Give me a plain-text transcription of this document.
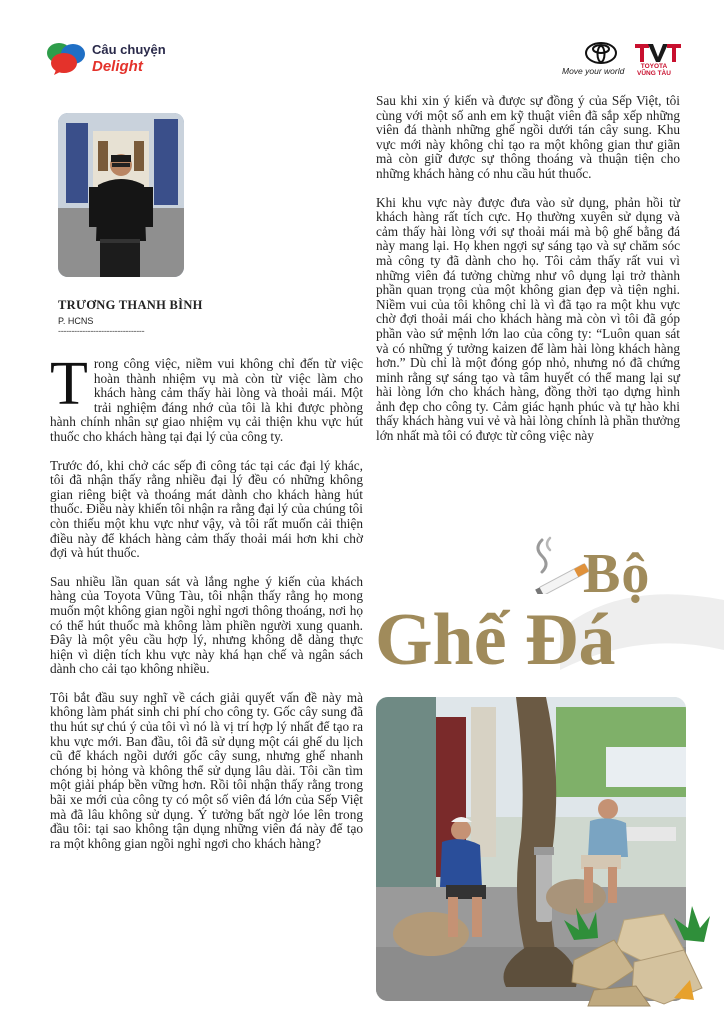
Câu chuyện
Delight	Move your world	TOYOTA
VŨNG TÀU
TRƯƠNG THANH BÌNH
P. HCNS
--------------------------------

Trong công việc, niềm vui không chỉ đến từ việc hoàn thành nhiệm vụ mà còn từ việc làm cho khách hàng cảm thấy hài lòng và thoải mái. Một trải nghiệm đáng nhớ của tôi là khi được phòng hành chính nhân sự giao nhiệm vụ cải thiện khu vực hút thuốc cho khách hàng tại đại lý của công ty.

Trước đó, khi chở các sếp đi công tác tại các đại lý khác, tôi đã nhận thấy rằng nhiều đại lý đều có những không gian riêng biệt và thoáng mát dành cho khách hàng hút thuốc. Điều này khiến tôi nhận ra rằng đại lý của chúng tôi còn thiếu một khu vực như vậy, và tôi rất muốn cải thiện điều này để khách hàng cảm thấy thoải mái hơn khi chờ đợi và hút thuốc.

Sau nhiều lần quan sát và lắng nghe ý kiến của khách hàng của Toyota Vũng Tàu, tôi nhận thấy rằng họ mong muốn một không gian ngồi nghỉ ngơi thông thoáng, nơi họ có thể hút thuốc mà không làm phiền người xung quanh. Đây là một yêu cầu hợp lý, nhưng không dễ dàng thực hiện vì diện tích khu vực này khá hạn chế và ngân sách dành cho cải tạo không nhiều.

Tôi bắt đầu suy nghĩ về cách giải quyết vấn đề này mà không làm phát sinh chi phí cho công ty. Gốc cây sung đã thu hút sự chú ý của tôi vì nó là vị trí hợp lý nhất để tạo ra khu vực mới. Ban đầu, tôi đã sử dụng một cái ghế du lịch cũ để khách ngồi dưới gốc cây sung, nhưng ghế nhanh chóng bị hỏng và không thể sử dụng lâu dài. Tôi cần tìm một giải pháp bền vững hơn. Rồi tôi nhận thấy rằng trong bãi xe mới của công ty có một số viên đá lớn của Sếp Việt mà đã lâu không sử dụng. Ý tưởng bất ngờ lóe lên trong đầu tôi: tại sao không tận dụng những viên đá này để tạo ra một không gian ngồi nghỉ ngơi cho khách hàng?

Sau khi xin ý kiến và được sự đồng ý của Sếp Việt, tôi cùng với một số anh em kỹ thuật viên đã sắp xếp những viên đá thành những ghế ngồi dưới tán cây sung. Khu vực mới này không chỉ tạo ra một không gian thư giãn mà còn giữ được sự thông thoáng và thuận tiện cho những khách hàng có nhu cầu hút thuốc.

Khi khu vực này được đưa vào sử dụng, phản hồi từ khách hàng rất tích cực. Họ thường xuyên sử dụng và cảm thấy hài lòng với sự thoải mái mà bộ ghế bằng đá này mang lại. Họ khen ngợi sự sáng tạo và sự chăm sóc mà công ty đã dành cho họ. Tôi cảm thấy rất vui vì những viên đá tưởng chừng như vô dụng lại trở thành phần quan trọng của một không gian đẹp và tiện nghi. Niềm vui của tôi không chỉ là vì đã tạo ra một khu vực chờ đợi thoải mái cho khách hàng mà còn vì tôi đã góp phần vào sứ mệnh lớn lao của công ty: “Luôn quan sát và có những ý tưởng kaizen để làm hài lòng khách hàng hơn.” Dù chỉ là một đóng góp nhỏ, nhưng nó đã chứng minh rằng sự sáng tạo và tâm huyết có thể mang lại sự hài lòng lớn cho khách hàng, đồng thời tạo dựng hình ảnh đẹp cho công ty. Cảm giác hạnh phúc và tự hào khi thấy khách hàng vui vẻ và hài lòng chính là phần thưởng lớn nhất mà tôi có được từ công việc này

Bộ
Ghế Đá
